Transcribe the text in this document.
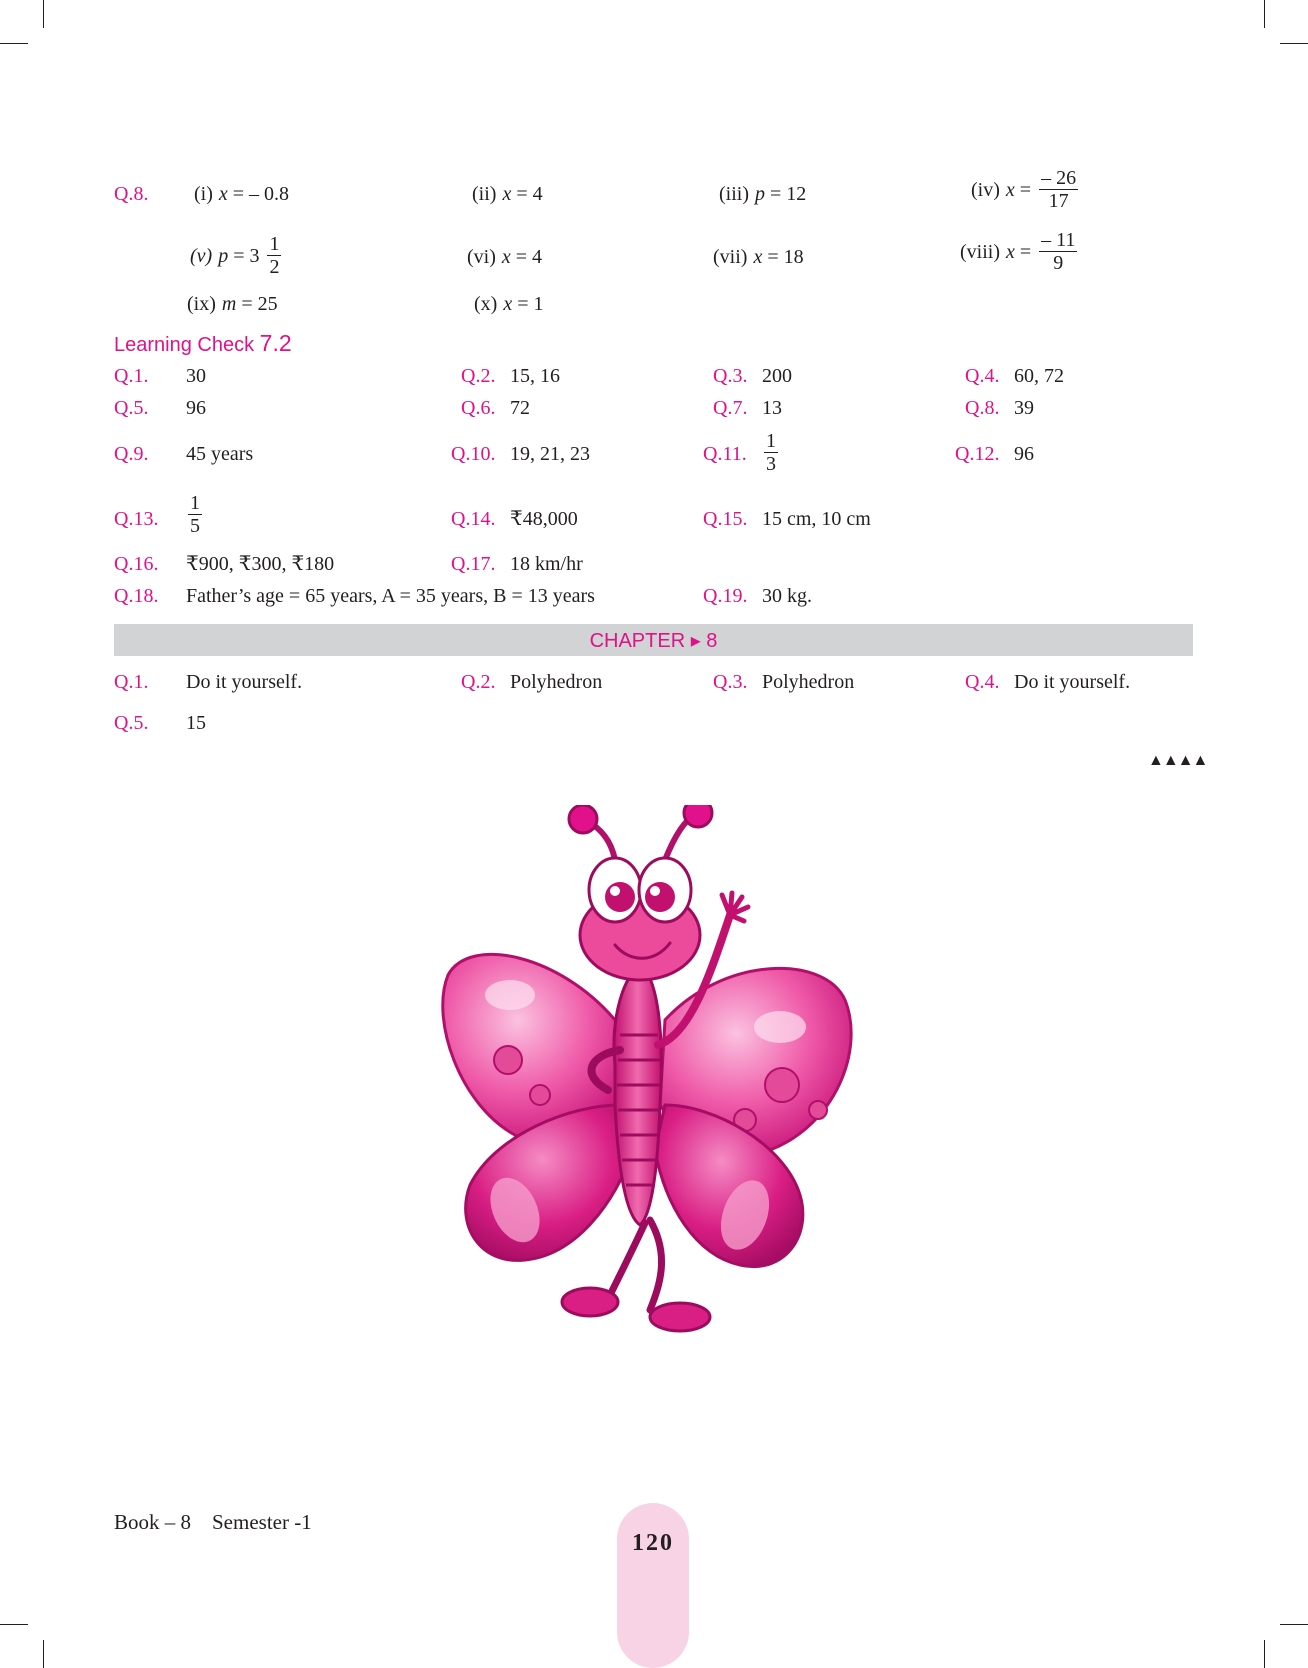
Q.8. (i) x = – 0.8	(ii) x = 4	(iii) p = 12	(iv) $x = \frac{- 26}{17}$
(v) $p = 3 \frac{1}{2}$	(vi) x = 4	(vii) x = 18	(viii) $x = \frac{- 11}{9}$
(ix) m = 25	(x) x = 1
Learning Check 7.2
Q.1. 30	Q.2. 15, 16	Q.3. 200	Q.4. 60, 72
Q.5. 96	Q.6. 72	Q.7. 13	Q.8. 39
Q.9. 45 years	Q.10. 19, 21, 23	Q.11. $\frac{1}{3}$	Q.12. 96
Q.13. $\frac{1}{5}$	Q.14. ₹48,000	Q.15. 15 cm, 10 cm
Q.16. ₹900, ₹300, ₹180	Q.17. 18 km/hr
Q.18. Father’s age = 65 years, A = 35 years, B = 13 years	Q.19. 30 kg.
CHAPTER ▸ 8
Q.1. Do it yourself.	Q.2. Polyhedron	Q.3. Polyhedron	Q.4. Do it yourself.
Q.5. 15
▲▲▲▲
Book – 8    Semester -1
120
